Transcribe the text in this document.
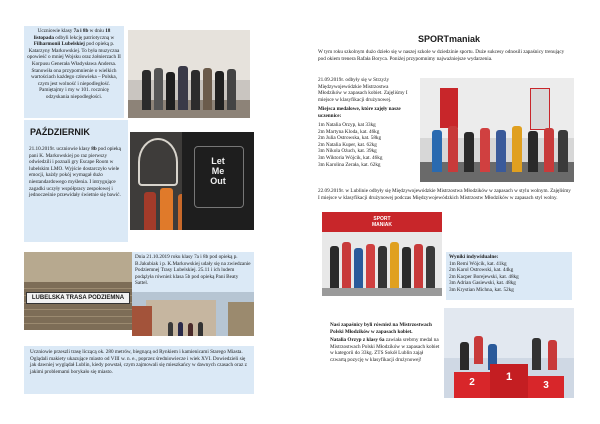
Uczniowie klasy 7a i 8b w dniu 18 listopada odbyli lekcję patriotyczną w Filharmonii Lubelskiej pod opieką p. Katarzyny Markowskiej. To była muzyczna opowieść o mniej Wojsku oraz żołnierzach II Korpusu Generała Władysława Andersa. Stanowiła ona przypomnienie o wielkich wartościach każdego człowieka – Polska, czym jest wolność i niepodległość. Pamiętajmy i my w 101. rocznicę odzyskania niepodległości.
PAŹDZIERNIK
21.10.2019r. uczniowie klasy 8b pod opieką pani K. Markowskiej po raz pierwszy odwiedzili i poznali gry Escape Room w lubelskim LMO. Wyjście dostarczyło wiele emocji, każdy pokój wymagał dużo niestandardowego myślenia. I intrygujące zagadki uczyły współpracy zespołowej i jednocześnie przewidały świetnie się bawić.
Let
Me
Out
LUBELSKA TRASA PODZIEMNA
Dnia 21.10.2019 roku klasy 7a i 8b pod opieką p. B.Jakubiak i p. K.Markowskiej udały się na zwiedzanie Podziemnej Trasy Lubelskiej. 25.11 i ich ludem podążyła również klasa 5b pod opieką Pani Beaty Sattel.
Uczniowie przeszli trasę liczącą ok. 280 metrów, biegnącą od Rynkiem i kamienicami Starego Miasta. Oglądali makiety ukazujące miasto od VIII w. n. e., poprzez średniowiecze i wiek XVI. Dowiedzieli się jak dawniej wyglądał Lublin, kiedy powstał, czym zajmowali się mieszkańcy w dawnych czasach oraz z jakimi problemami borykało się miasto.
SPORTmaniak
W tym roku szkolnym dużo dzieło się w naszej szkole w dziedzinie sportu. Duże sukcesy odnosili zapaśnicy trenujący pod okiem trenera Rafała Boryca. Poniżej przypomnimy najważniejsze wydarzenia.
21.09.2019r. odbyły się w Strzyży Międzywojewódzkie Mistrzostwa Młodzików w zapasach kobiet. Zajęliśmy I miejsce w klasyfikacji drużynowej.
Miejsca medalowe, które zajęły nasze uczennice:
1m Natalia Orzyp, kat 33kg
2m Martyna Kloda, kat. 46kg
2m Julia Ostrowska, kat. 58kg
2m Natalia Kuper, kat. 62kg
3m Nikola Ożuch, kat. 39kg
3m Wiktoria Wójcik, kat. 46kg
3m Karolina Zerała, kat. 62kg
22.09.2019r. w Lublinie odbyły się Międzywojewódzkie Mistrzostwa Młodzików w zapasach w stylu wolnym. Zajęliśmy I miejsce w klasyfikacji drużynowej podczas Międzywojewódzkich Mistrzostw Młodzików w zapasach styl wolny.
SPORT
MANIAK
Wyniki indywidualne:
1m Remi Wójcik, kat. 41kg
2m Karol Ostrowski, kat. 44kg
2m Kacper Borejewski, kat. 48kg
3m Adrian Gasiewski, kat. 48kg
3m Krystian Michna, kat. 52kg
Nasi zapaśnicy byli również na Mistrzostwach Polski Młodzików w zapasach kobiet.
Natalia Orzyp z klasy 6a zawiała srebrny medal na Mistrzostwach Polski Młodzików w zapasach kobiet w kategorii do 33kg. ZTS Sokół Lublin zajął czwartą pozycję w klasyfikacji drużynowej!
2	1
3
